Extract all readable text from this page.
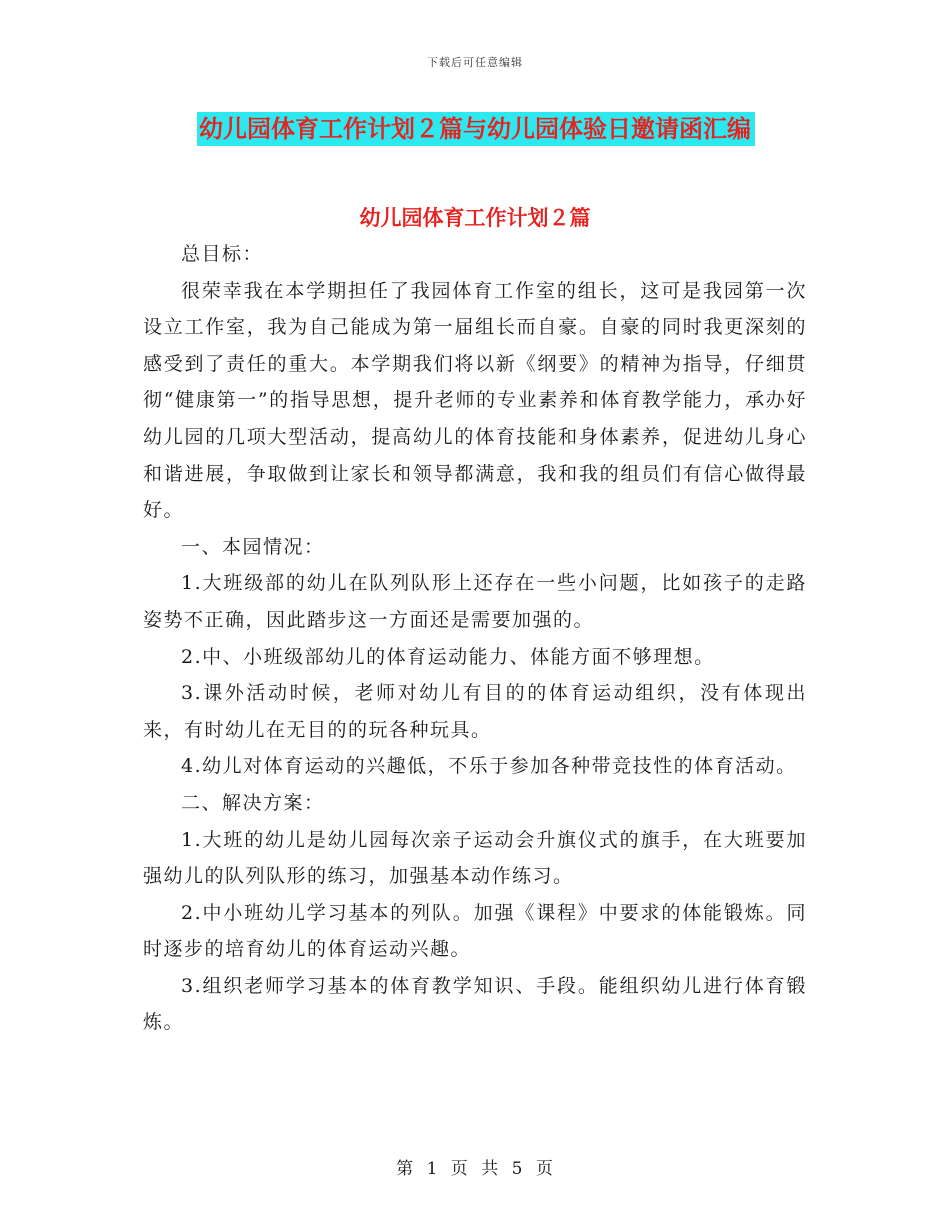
下载后可任意编辑
幼儿园体育工作计划２篇与幼儿园体验日邀请函汇编
幼儿园体育工作计划２篇

总目标：

很荣幸我在本学期担任了我园体育工作室的组长，这可是我园第一次设立工作室，我为自己能成为第一届组长而自豪。自豪的同时我更深刻的感受到了责任的重大。本学期我们将以新《纲要》的精神为指导，仔细贯彻“健康第一”的指导思想，提升老师的专业素养和体育教学能力，承办好幼儿园的几项大型活动，提高幼儿的体育技能和身体素养，促进幼儿身心和谐进展，争取做到让家长和领导都满意，我和我的组员们有信心做得最好。

一、本园情况：

1.大班级部的幼儿在队列队形上还存在一些小问题，比如孩子的走路姿势不正确，因此踏步这一方面还是需要加强的。

2.中、小班级部幼儿的体育运动能力、体能方面不够理想。

3.课外活动时候，老师对幼儿有目的的体育运动组织，没有体现出来，有时幼儿在无目的的玩各种玩具。

4.幼儿对体育运动的兴趣低，不乐于参加各种带竞技性的体育活动。

二、解决方案：

1.大班的幼儿是幼儿园每次亲子运动会升旗仪式的旗手，在大班要加强幼儿的队列队形的练习，加强基本动作练习。

2.中小班幼儿学习基本的列队。加强《课程》中要求的体能锻炼。同时逐步的培育幼儿的体育运动兴趣。

3.组织老师学习基本的体育教学知识、手段。能组织幼儿进行体育锻炼。

第 1 页 共 5 页
